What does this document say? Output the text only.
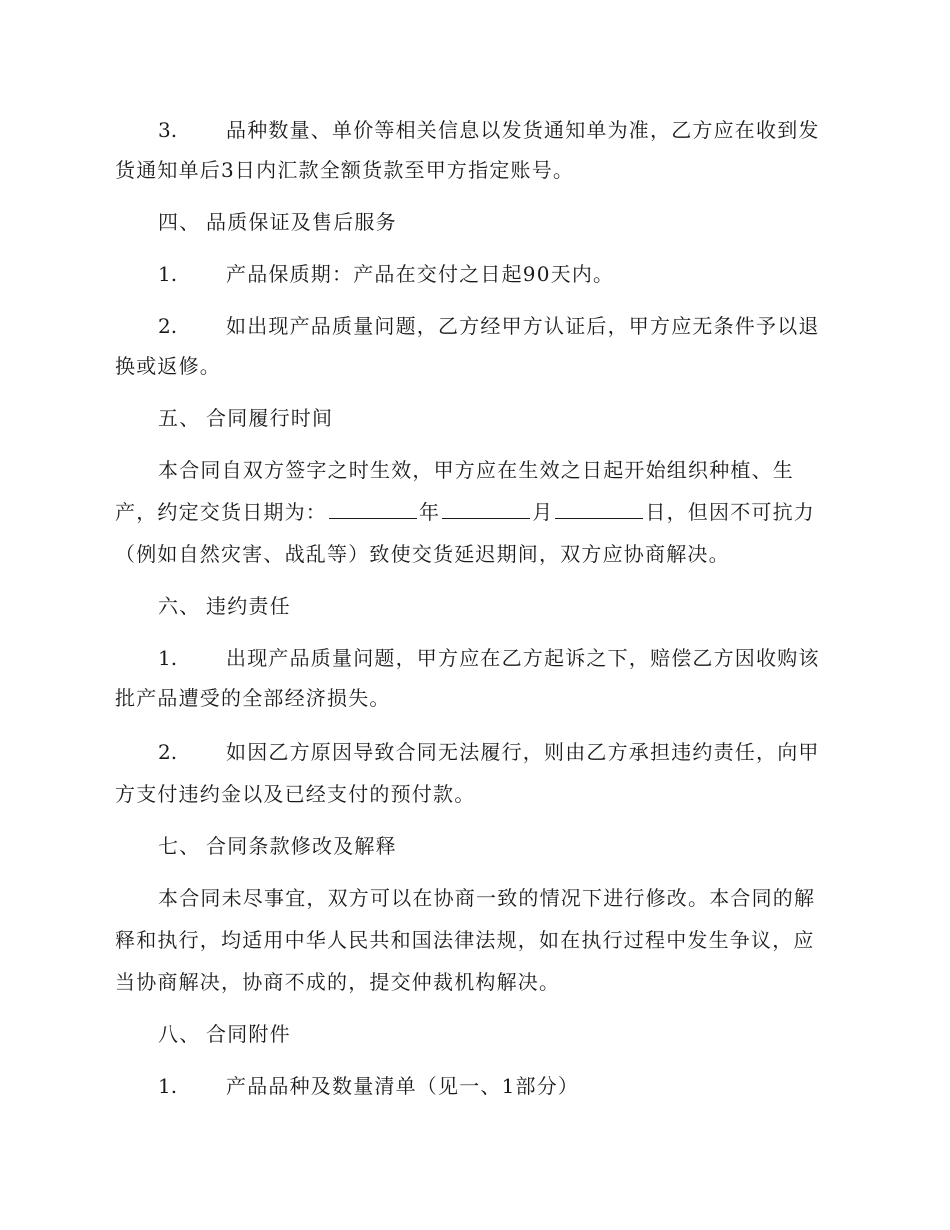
3. 品种数量、单价等相关信息以发货通知单为准，乙方应在收到发
货通知单后3日内汇款全额货款至甲方指定账号。
四、 品质保证及售后服务
1. 产品保质期：产品在交付之日起90天内。
2. 如出现产品质量问题，乙方经甲方认证后，甲方应无条件予以退
换或返修。
五、 合同履行时间
本合同自双方签字之时生效，甲方应在生效之日起开始组织种植、生
产，约定交货日期为：	年	月	日，但因不可抗力
（例如自然灾害、战乱等）致使交货延迟期间，双方应协商解决。
六、 违约责任
1. 出现产品质量问题，甲方应在乙方起诉之下，赔偿乙方因收购该
批产品遭受的全部经济损失。
2. 如因乙方原因导致合同无法履行，则由乙方承担违约责任，向甲
方支付违约金以及已经支付的预付款。
七、 合同条款修改及解释
本合同未尽事宜，双方可以在协商一致的情况下进行修改。本合同的解
释和执行，均适用中华人民共和国法律法规，如在执行过程中发生争议，应
当协商解决，协商不成的，提交仲裁机构解决。
八、 合同附件
1. 产品品种及数量清单（见一、1部分）
